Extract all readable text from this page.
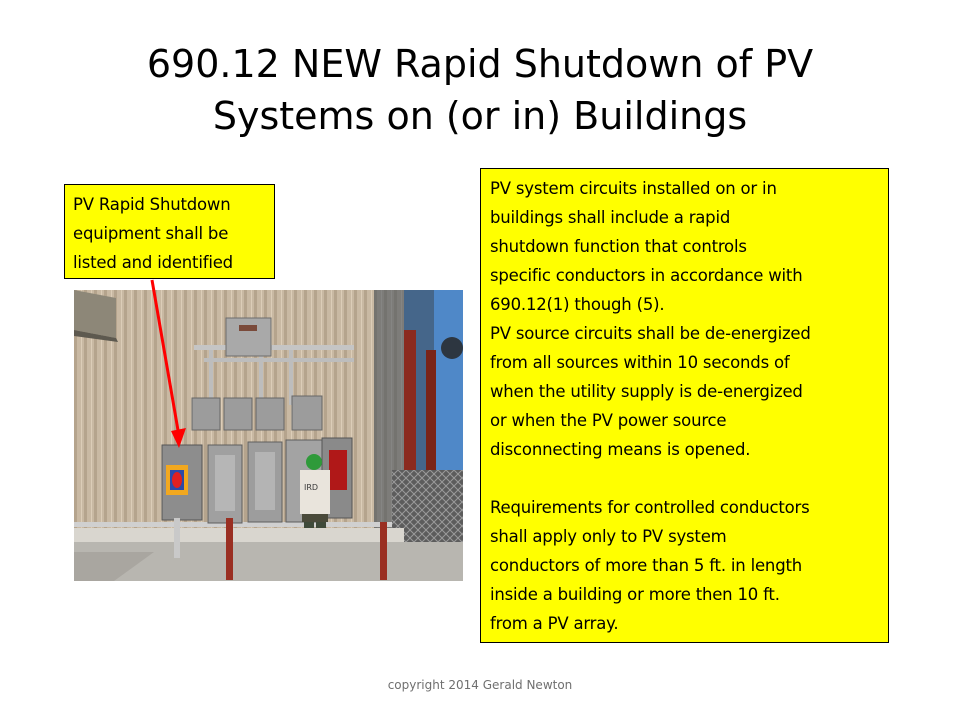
690.12 NEW Rapid Shutdown of PV
Systems on (or in) Buildings
PV Rapid Shutdown
equipment shall be
listed and identified
PV system circuits installed on or in
buildings shall include a rapid
shutdown function that controls
specific conductors in accordance with
690.12(1) though (5).
PV source circuits shall be de-energized
from all sources within 10 seconds of
when the utility supply is de-energized
or when the PV power source
disconnecting means is opened.
Requirements for controlled conductors
shall apply only to PV system
conductors of more than 5 ft. in length
inside a building or more then 10 ft.
from a PV array.
IRD
copyright 2014 Gerald Newton
